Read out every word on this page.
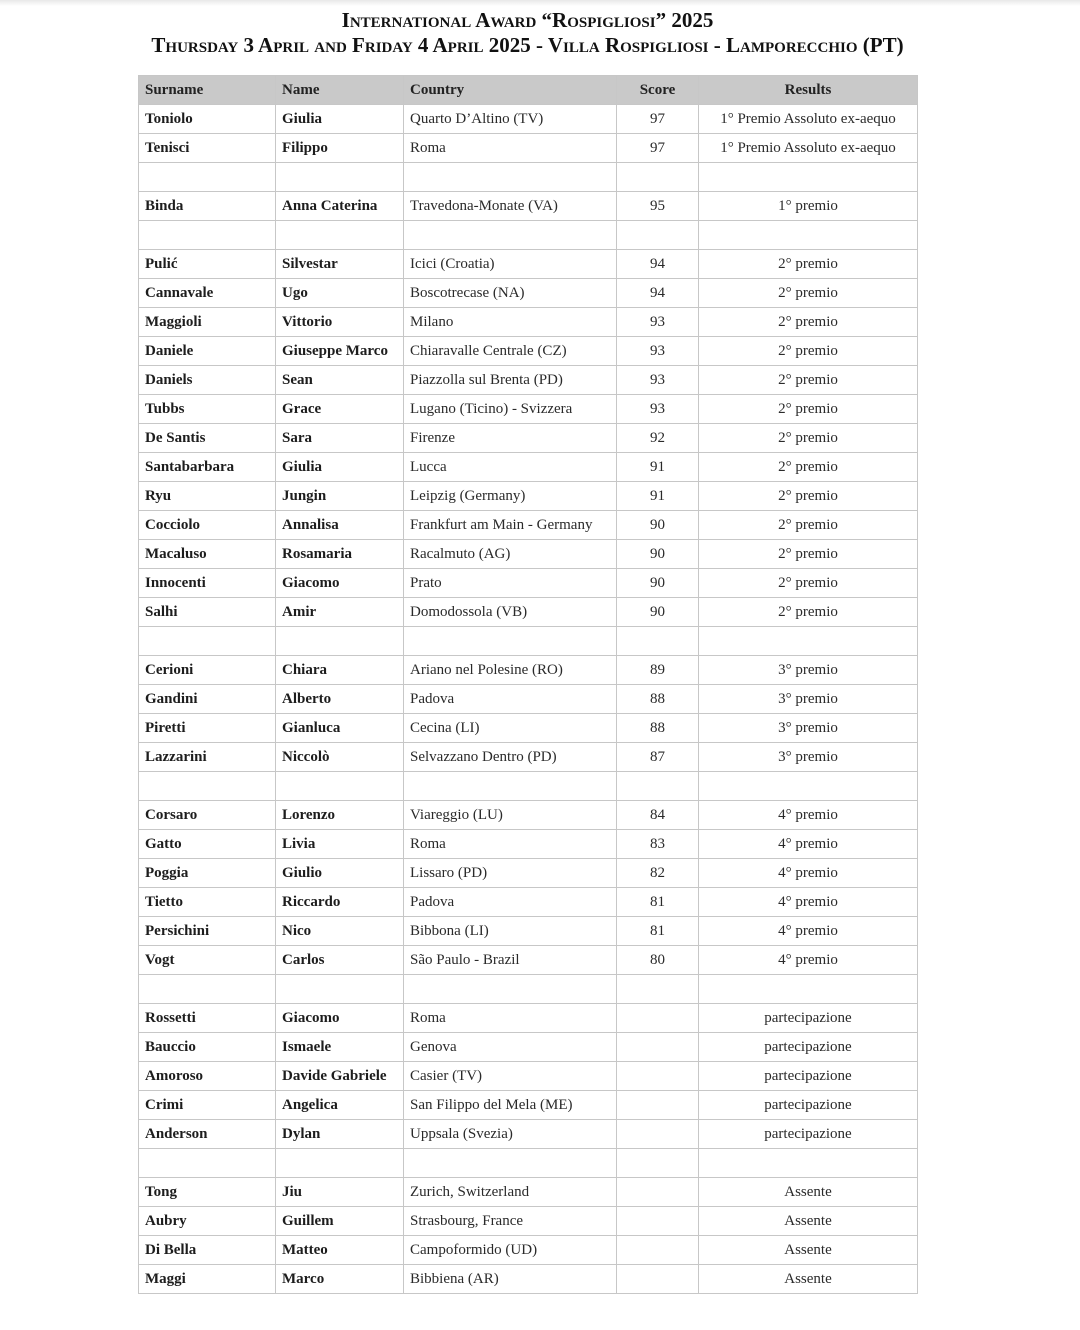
International Award “Rospigliosi” 2025
Thursday 3 April and Friday 4 April 2025 - Villa Rospigliosi - Lamporecchio (PT)
Surname	Name	Country	Score	Results
Toniolo	Giulia	Quarto D’Altino (TV)	97	1° Premio Assoluto ex-aequo
Tenisci	Filippo	Roma	97	1° Premio Assoluto ex-aequo

Binda	Anna Caterina	Travedona-Monate (VA)	95	1° premio

Pulić	Silvestar	Icici (Croatia)	94	2° premio
Cannavale	Ugo	Boscotrecase (NA)	94	2° premio
Maggioli	Vittorio	Milano	93	2° premio
Daniele	Giuseppe Marco	Chiaravalle Centrale (CZ)	93	2° premio
Daniels	Sean	Piazzolla sul Brenta (PD)	93	2° premio
Tubbs	Grace	Lugano (Ticino) - Svizzera	93	2° premio
De Santis	Sara	Firenze	92	2° premio
Santabarbara	Giulia	Lucca	91	2° premio
Ryu	Jungin	Leipzig (Germany)	91	2° premio
Cocciolo	Annalisa	Frankfurt am Main - Germany	90	2° premio
Macaluso	Rosamaria	Racalmuto (AG)	90	2° premio
Innocenti	Giacomo	Prato	90	2° premio
Salhi	Amir	Domodossola (VB)	90	2° premio

Cerioni	Chiara	Ariano nel Polesine (RO)	89	3° premio
Gandini	Alberto	Padova	88	3° premio
Piretti	Gianluca	Cecina (LI)	88	3° premio
Lazzarini	Niccolò	Selvazzano Dentro (PD)	87	3° premio

Corsaro	Lorenzo	Viareggio (LU)	84	4° premio
Gatto	Livia	Roma	83	4° premio
Poggia	Giulio	Lissaro (PD)	82	4° premio
Tietto	Riccardo	Padova	81	4° premio
Persichini	Nico	Bibbona (LI)	81	4° premio
Vogt	Carlos	São Paulo - Brazil	80	4° premio

Rossetti	Giacomo	Roma		partecipazione
Bauccio	Ismaele	Genova		partecipazione
Amoroso	Davide Gabriele	Casier (TV)		partecipazione
Crimi	Angelica	San Filippo del Mela (ME)		partecipazione
Anderson	Dylan	Uppsala (Svezia)		partecipazione

Tong	Jiu	Zurich, Switzerland		Assente
Aubry	Guillem	Strasbourg, France		Assente
Di Bella	Matteo	Campoformido (UD)		Assente
Maggi	Marco	Bibbiena (AR)		Assente
